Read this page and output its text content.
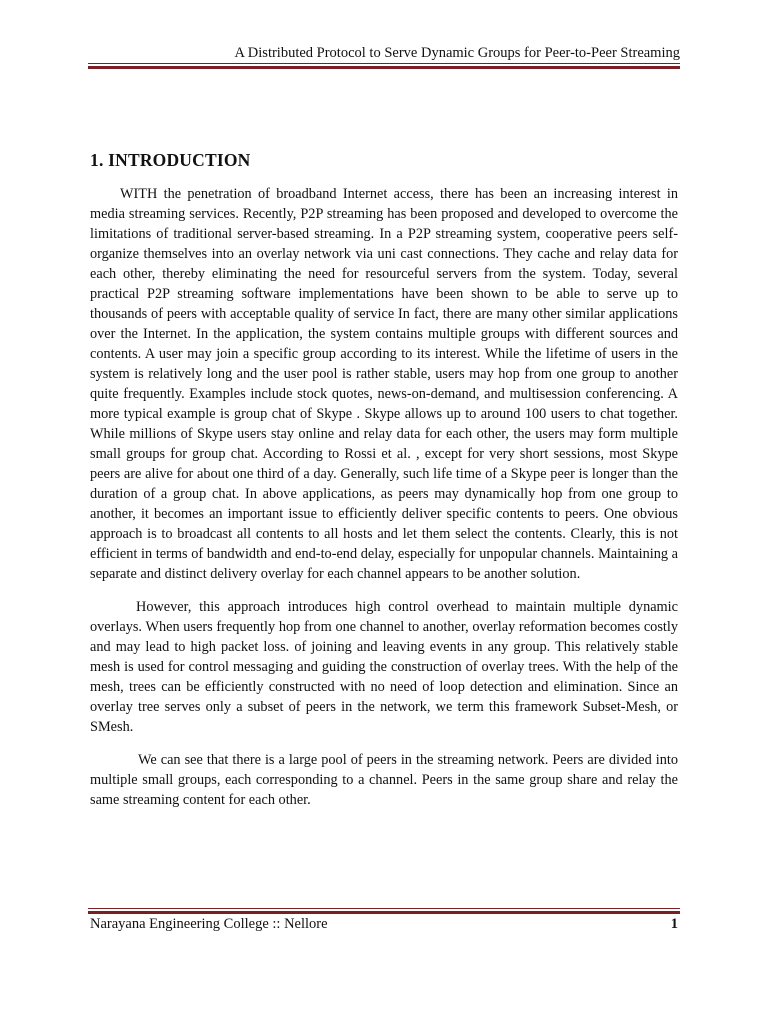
A Distributed Protocol to Serve Dynamic Groups for Peer-to-Peer Streaming
1. INTRODUCTION

WITH the penetration of broadband Internet access, there has been an increasing interest in media streaming services. Recently, P2P streaming has been proposed and developed to overcome the limitations of traditional server-based streaming. In a P2P streaming system, cooperative peers self-organize themselves into an overlay network via uni cast connections. They cache and relay data for each other, thereby eliminating the need for resourceful servers from the system. Today, several practical P2P streaming software implementations have been shown to be able to serve up to thousands of peers with acceptable quality of service In fact, there are many other similar applications over the Internet. In the application, the system contains multiple groups with different sources and contents. A user may join a specific group according to its interest. While the lifetime of users in the system is relatively long and the user pool is rather stable, users may hop from one group to another quite frequently. Examples include stock quotes, news-on-demand, and multisession conferencing. A more typical example is group chat of Skype . Skype allows up to around 100 users to chat together. While millions of Skype users stay online and relay data for each other, the users may form multiple small groups for group chat. According to Rossi et al. , except for very short sessions, most Skype peers are alive for about one third of a day. Generally, such life time of a Skype peer is longer than the duration of a group chat. In above applications, as peers may dynamically hop from one group to another, it becomes an important issue to efficiently deliver specific contents to peers. One obvious approach is to broadcast all contents to all hosts and let them select the contents. Clearly, this is not efficient in terms of bandwidth and end-to-end delay, especially for unpopular channels. Maintaining a separate and distinct delivery overlay for each channel appears to be another solution.

However, this approach introduces high control overhead to maintain multiple dynamic overlays. When users frequently hop from one channel to another, overlay reformation becomes costly and may lead to high packet loss. of joining and leaving events in any group. This relatively stable mesh is used for control messaging and guiding the construction of overlay trees. With the help of the mesh, trees can be efficiently constructed with no need of loop detection and elimination. Since an overlay tree serves only a subset of peers in the network, we term this framework Subset-Mesh, or SMesh.

We can see that there is a large pool of peers in the streaming network. Peers are divided into multiple small groups, each corresponding to a channel. Peers in the same group share and relay the same streaming content for each other.

Narayana Engineering College :: Nellore	1
